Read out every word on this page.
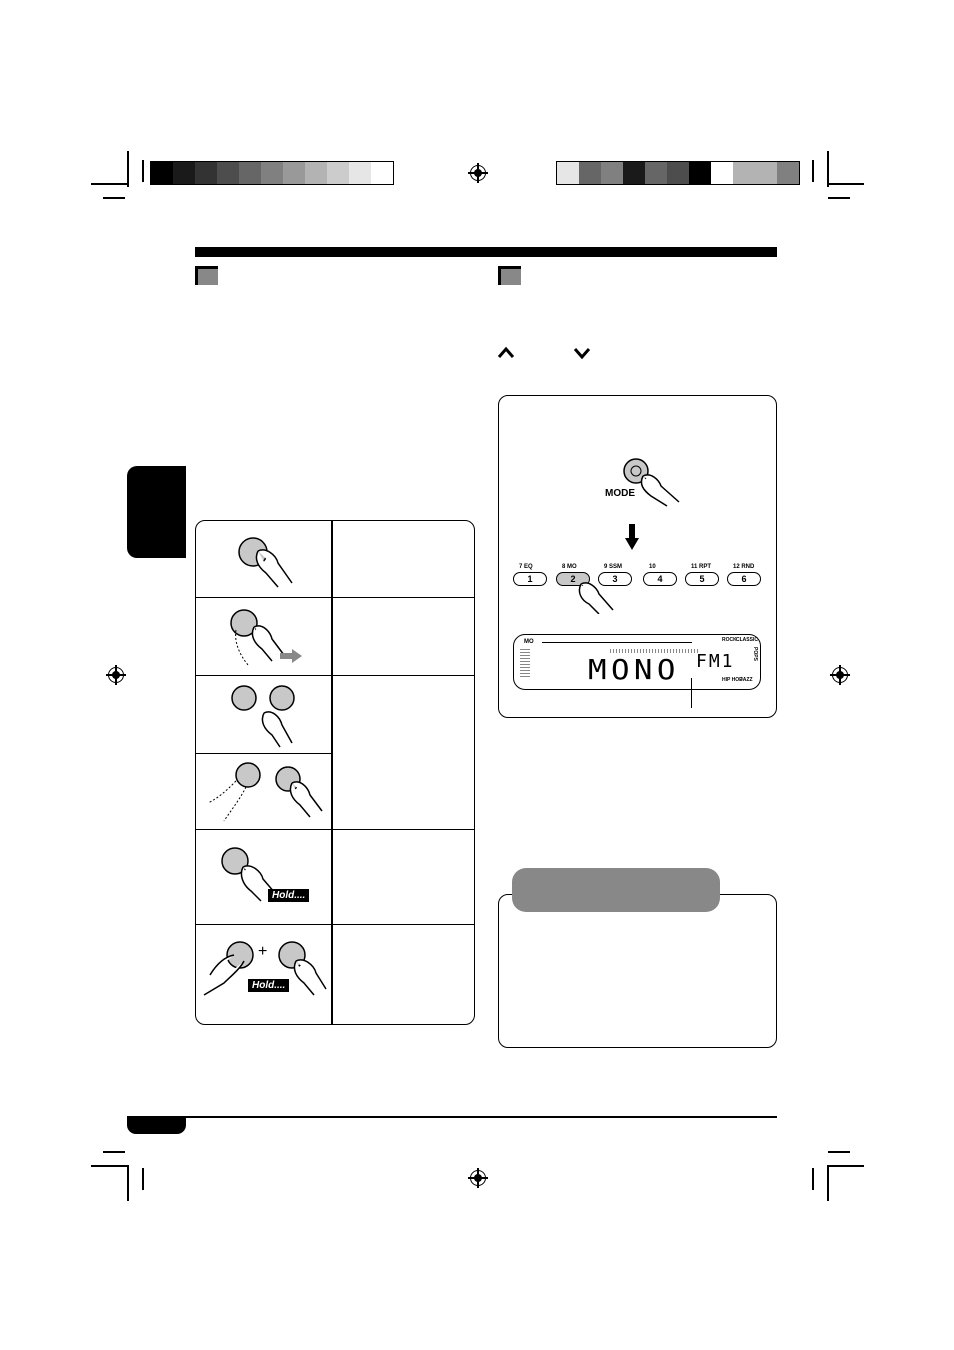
Hold....
+
Hold....
MODE
7 EQ
1
8 MO
2
9 SSM
3
10
4
11 RPT
5
12 RND
6
MO
MONO FM1
ROCK CLASSIC
POPS
HIP HOP
JAZZ
